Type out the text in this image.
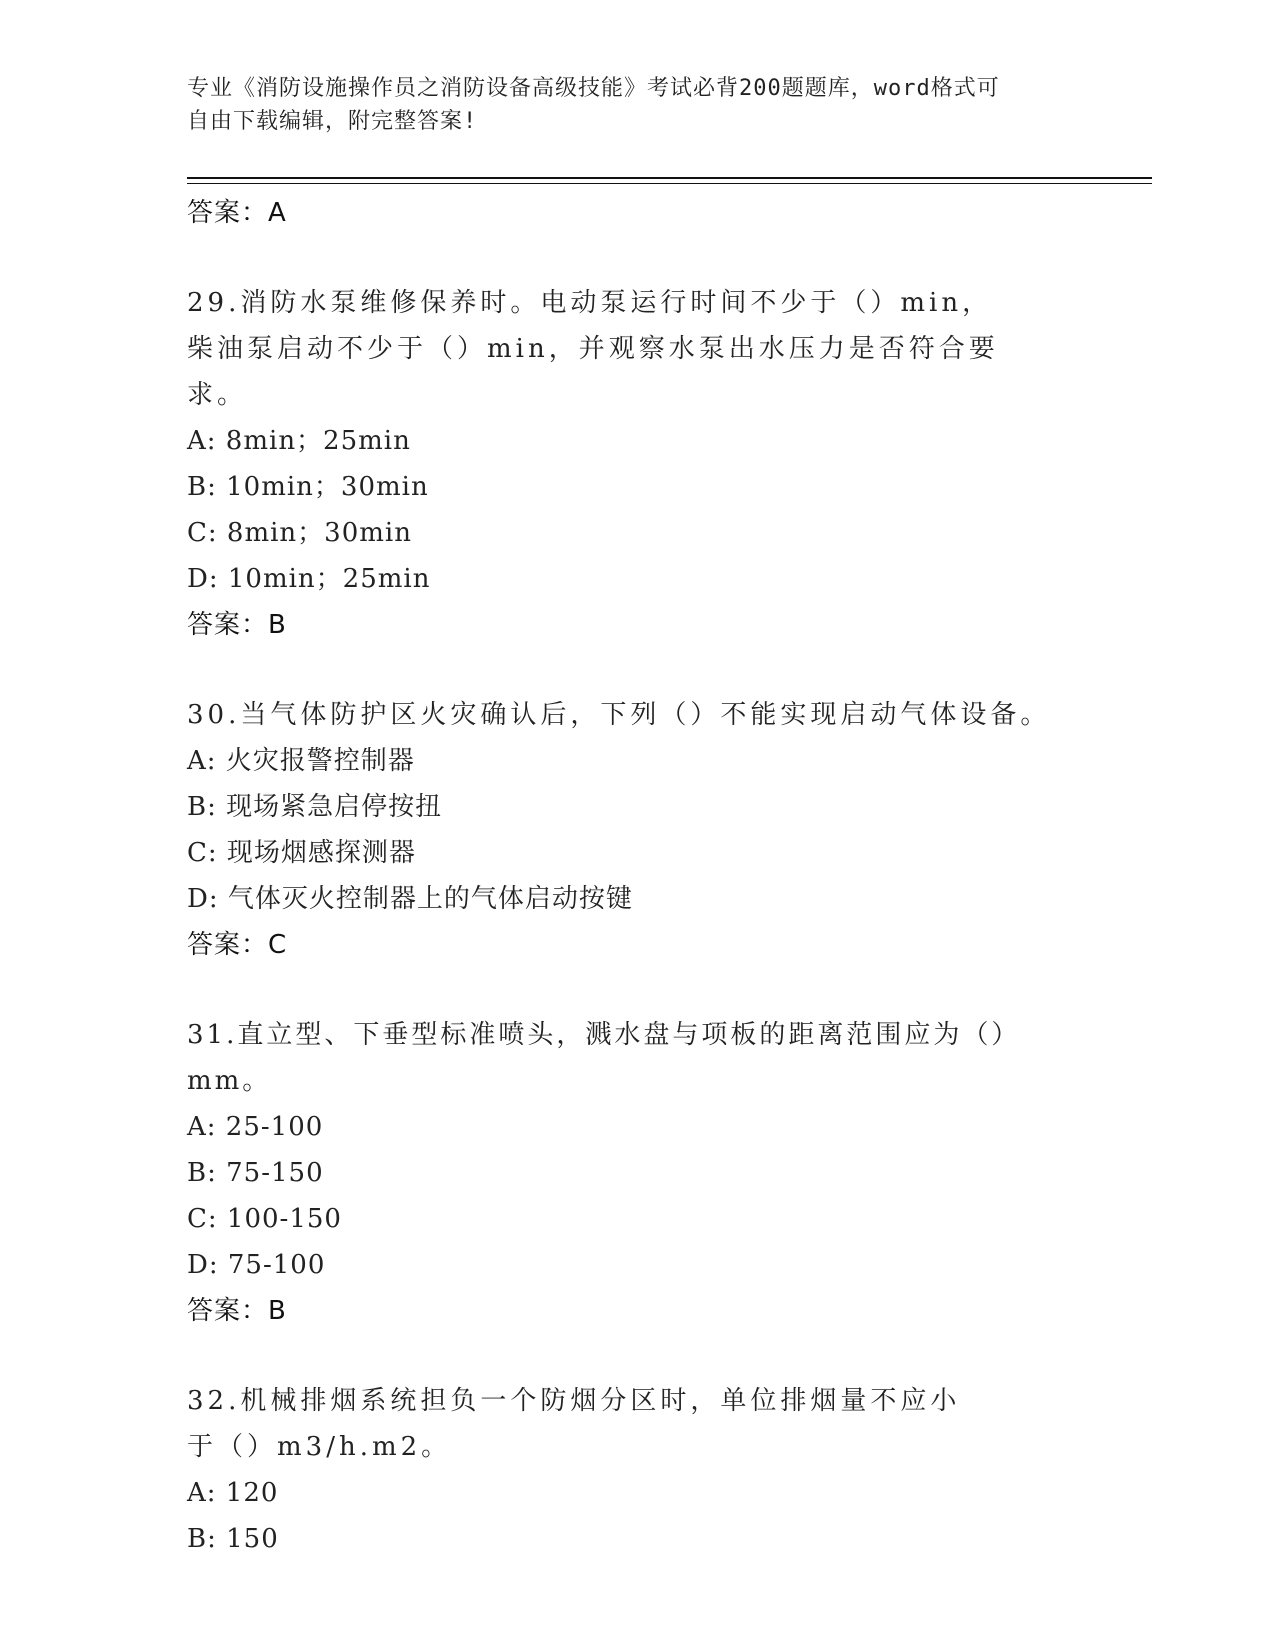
专业《消防设施操作员之消防设备高级技能》考试必背200题题库，word格式可
自由下载编辑，附完整答案!
答案：A

29.消防水泵维修保养时。电动泵运行时间不少于（）min，柴油泵启动不少于（）min，并观察水泵出水压力是否符合要求。

A: 8min；25min
B: 10min；30min
C: 8min；30min
D: 10min；25min
答案：B

30.当气体防护区火灾确认后，下列（）不能实现启动气体设备。

A: 火灾报警控制器
B: 现场紧急启停按扭
C: 现场烟感探测器
D: 气体灭火控制器上的气体启动按键
答案：C

31.直立型、下垂型标准喷头，溅水盘与项板的距离范围应为（）mm。

A: 25-100
B: 75-150
C: 100-150
D: 75-100
答案：B

32.机械排烟系统担负一个防烟分区时，单位排烟量不应小于（）m3/h.m2。

A: 120
B: 150
